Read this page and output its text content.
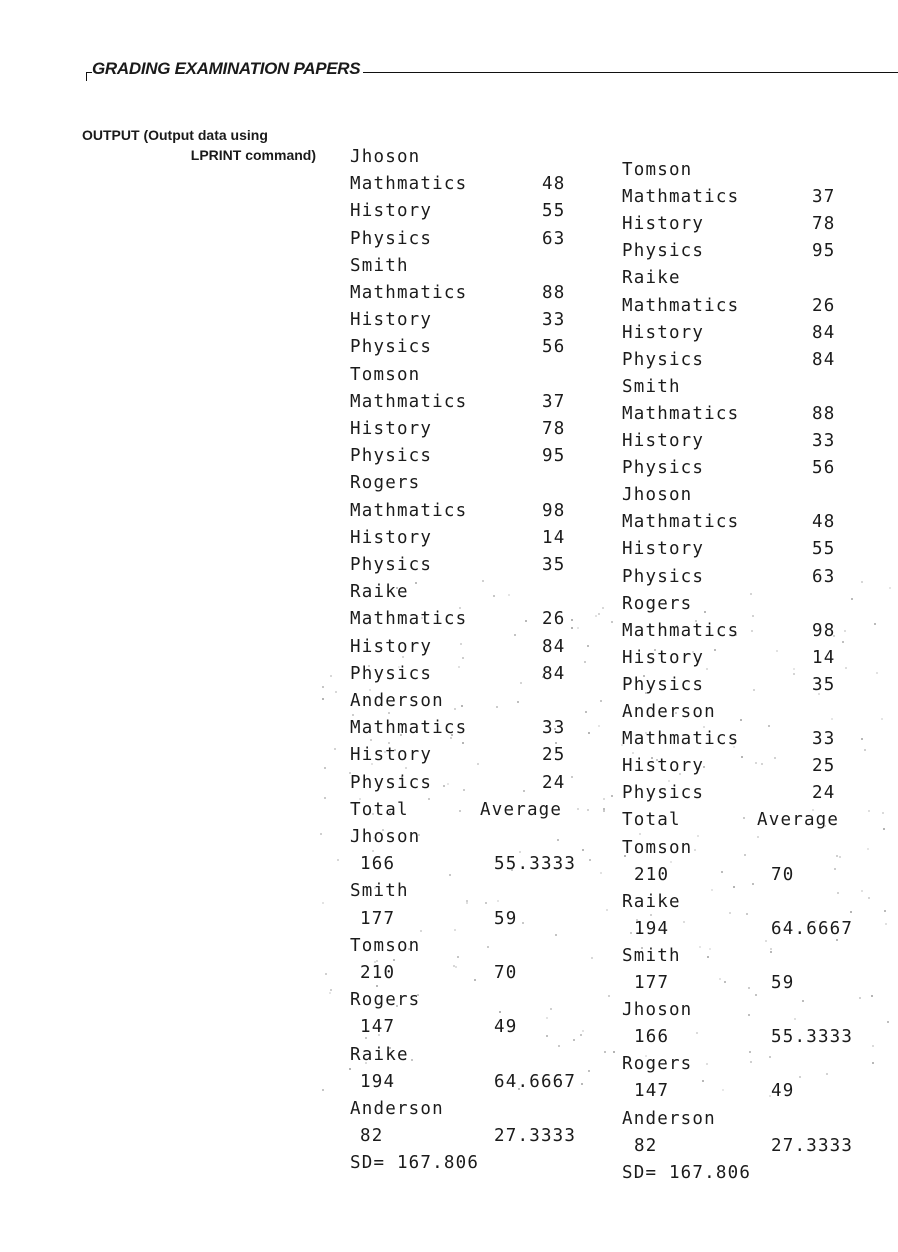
GRADING EXAMINATION PAPERS
OUTPUT (Output data using
LPRINT command)	Jhoson
Mathmatics	48
History	55
Physics	63
Smith
Mathmatics	88
History	33
Physics	56
Tomson
Mathmatics	37
History	78
Physics	95
Rogers
Mathmatics	98
History	14
Physics	35
Raike
Mathmatics	26
History	84
Physics	84
Anderson
Mathmatics	33
History	25
Physics	24
Total	Average
Jhoson
166	55.3333
Smith
177	59
Tomson
210	70
Rogers
147	49
Raike
194	64.6667
Anderson
82	27.3333
SD= 167.806
Tomson
Mathmatics	37
History	78
Physics	95
Raike
Mathmatics	26
History	84
Physics	84
Smith
Mathmatics	88
History	33
Physics	56
Jhoson
Mathmatics	48
History	55
Physics	63
Rogers
Mathmatics	98
History	14
Physics	35
Anderson
Mathmatics	33
History	25
Physics	24
Total	Average
Tomson
210	70
Raike
194	64.6667
Smith
177	59
Jhoson
166	55.3333
Rogers
147	49
Anderson
82	27.3333
SD= 167.806
